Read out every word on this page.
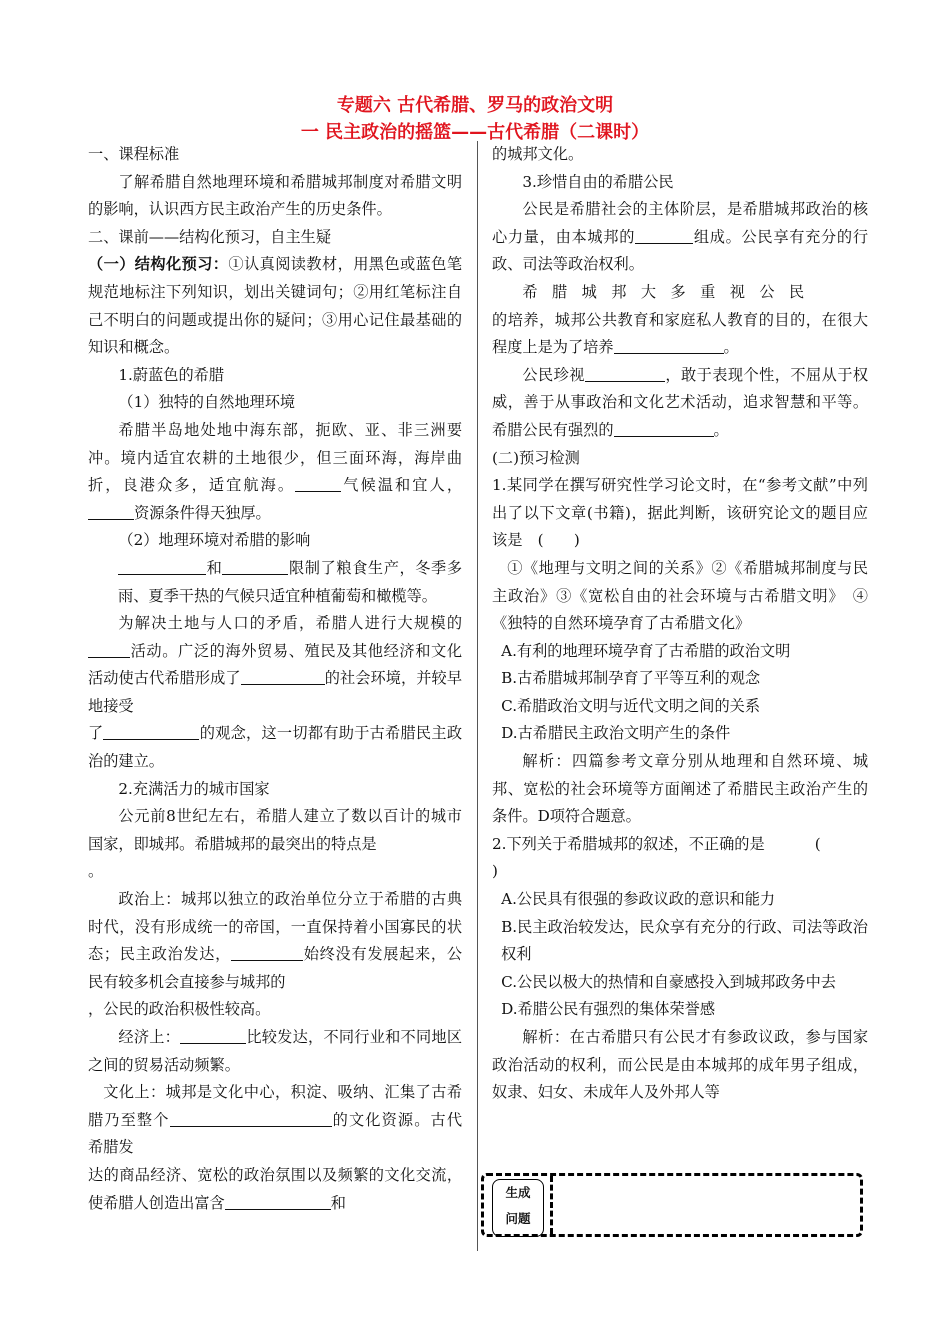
专题六 古代希腊、罗马的政治文明
一 民主政治的摇篮——古代希腊（二课时）

一、课程标准

了解希腊自然地理环境和希腊城邦制度对希腊文明的影响，认识西方民主政治产生的历史条件。

二、课前——结构化预习，自主生疑

（一）结构化预习：①认真阅读教材，用黑色或蓝色笔规范地标注下列知识，划出关键词句；②用红笔标注自己不明白的问题或提出你的疑问；③用心记住最基础的知识和概念。

1.蔚蓝色的希腊

（1）独特的自然地理环境

希腊半岛地处地中海东部，扼欧、亚、非三洲要冲。境内适宜农耕的土地很少，但三面环海，海岸曲折，良港众多，适宜航海。	气候温和宜人，资源条件得天独厚。

（2）地理环境对希腊的影响

和	限制了粮食生产，冬季多雨、夏季干热的气候只适宜种植葡萄和橄榄等。

为解决土地与人口的矛盾，希腊人进行大规模的活动。广泛的海外贸易、殖民及其他经济和文化活动使古代希腊形成了	的社会环境，并较早地接受
了	的观念，这一切都有助于古希腊民主政治的建立。

2.充满活力的城市国家

公元前8世纪左右，希腊人建立了数以百计的城市国家，即城邦。希腊城邦的最突出的特点是
。

政治上：城邦以独立的政治单位分立于希腊的古典时代，没有形成统一的帝国，一直保持着小国寡民的状态；民主政治发达，	始终没有发展起来，公民有较多机会直接参与城邦的
，公民的政治积极性较高。

经济上：	比较发达，不同行业和不同地区之间的贸易活动频繁。

文化上：城邦是文化中心，积淀、吸纳、汇集了古希腊乃至整个	的文化资源。古代希腊发
达的商品经济、宽松的政治氛围以及频繁的文化交流，使希腊人创造出富含	和

的城邦文化。

3.珍惜自由的希腊公民

公民是希腊社会的主体阶层，是希腊城邦政治的核心力量，由本城邦的	组成。公民享有充分的行政、司法等政治权利。

希腊城邦大多重视公民
的培养，城邦公共教育和家庭私人教育的目的，在很大程度上是为了培养	。

公民珍视	，敢于表现个性，不屈从于权威，善于从事政治和文化艺术活动，追求智慧和平等。希腊公民有强烈的	。

(二)预习检测

1.某同学在撰写研究性学习论文时，在“参考文献”中列出了以下文章(书籍)，据此判断，该研究论文的题目应该是　(　　)

①《地理与文明之间的关系》②《希腊城邦制度与民主政治》③《宽松自由的社会环境与古希腊文明》　④《独特的自然环境孕育了古希腊文化》

A.有利的地理环境孕育了古希腊的政治文明

B.古希腊城邦制孕育了平等互利的观念

C.希腊政治文明与近代文明之间的关系

D.古希腊民主政治文明产生的条件

解析：四篇参考文章分别从地理和自然环境、城邦、宽松的社会环境等方面阐述了希腊民主政治产生的条件。D项符合题意。

2.下列关于希腊城邦的叙述，不正确的是	(
)

A.公民具有很强的参政议政的意识和能力

B.民主政治较发达，民众享有充分的行政、司法等政治权利

C.公民以极大的热情和自豪感投入到城邦政务中去

D.希腊公民有强烈的集体荣誉感

解析：在古希腊只有公民才有参政议政，参与国家政治活动的权利，而公民是由本城邦的成年男子组成，奴隶、妇女、未成年人及外邦人等

生成
问题
